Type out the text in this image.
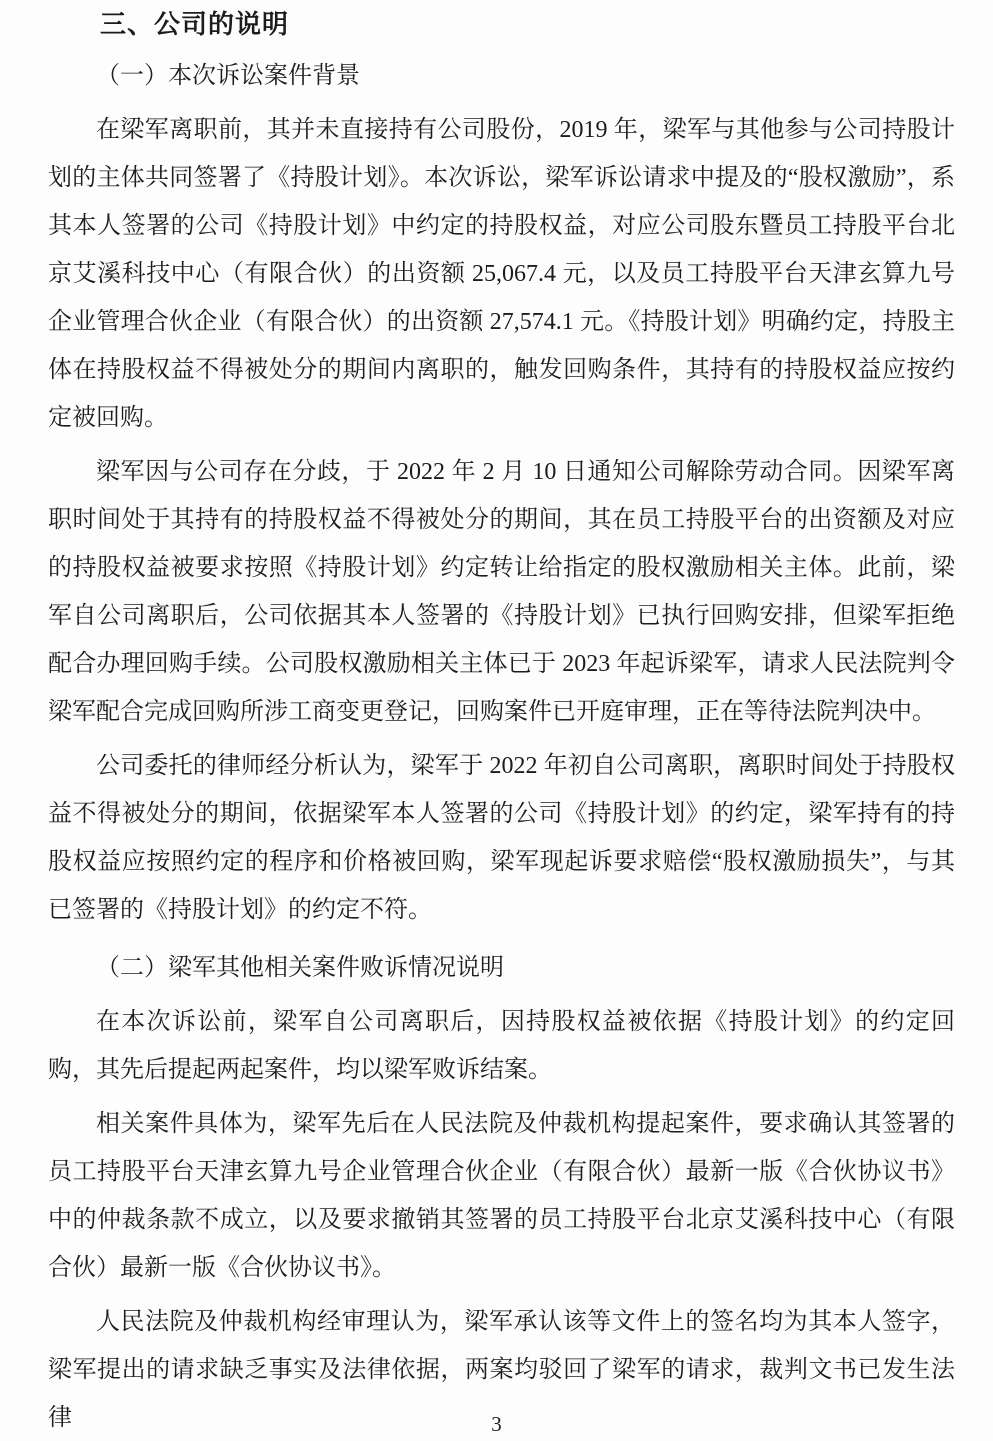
三、公司的说明
（一）本次诉讼案件背景

在梁军离职前，其并未直接持有公司股份，2019 年，梁军与其他参与公司持股计划的主体共同签署了《持股计划》。本次诉讼，梁军诉讼请求中提及的“股权激励”，系其本人签署的公司《持股计划》中约定的持股权益，对应公司股东暨员工持股平台北京艾溪科技中心（有限合伙）的出资额 25,067.4 元，以及员工持股平台天津玄算九号企业管理合伙企业（有限合伙）的出资额 27,574.1 元。《持股计划》明确约定，持股主体在持股权益不得被处分的期间内离职的，触发回购条件，其持有的持股权益应按约定被回购。

梁军因与公司存在分歧，于 2022 年 2 月 10 日通知公司解除劳动合同。因梁军离职时间处于其持有的持股权益不得被处分的期间，其在员工持股平台的出资额及对应的持股权益被要求按照《持股计划》约定转让给指定的股权激励相关主体。此前，梁军自公司离职后，公司依据其本人签署的《持股计划》已执行回购安排，但梁军拒绝配合办理回购手续。公司股权激励相关主体已于 2023 年起诉梁军，请求人民法院判令梁军配合完成回购所涉工商变更登记，回购案件已开庭审理，正在等待法院判决中。

公司委托的律师经分析认为，梁军于 2022 年初自公司离职，离职时间处于持股权益不得被处分的期间，依据梁军本人签署的公司《持股计划》的约定，梁军持有的持股权益应按照约定的程序和价格被回购，梁军现起诉要求赔偿“股权激励损失”，与其已签署的《持股计划》的约定不符。

（二）梁军其他相关案件败诉情况说明

在本次诉讼前，梁军自公司离职后，因持股权益被依据《持股计划》的约定回购，其先后提起两起案件，均以梁军败诉结案。

相关案件具体为，梁军先后在人民法院及仲裁机构提起案件，要求确认其签署的员工持股平台天津玄算九号企业管理合伙企业（有限合伙）最新一版《合伙协议书》中的仲裁条款不成立，以及要求撤销其签署的员工持股平台北京艾溪科技中心（有限合伙）最新一版《合伙协议书》。

人民法院及仲裁机构经审理认为，梁军承认该等文件上的签名均为其本人签字，梁军提出的请求缺乏事实及法律依据，两案均驳回了梁军的请求，裁判文书已发生法律	3
